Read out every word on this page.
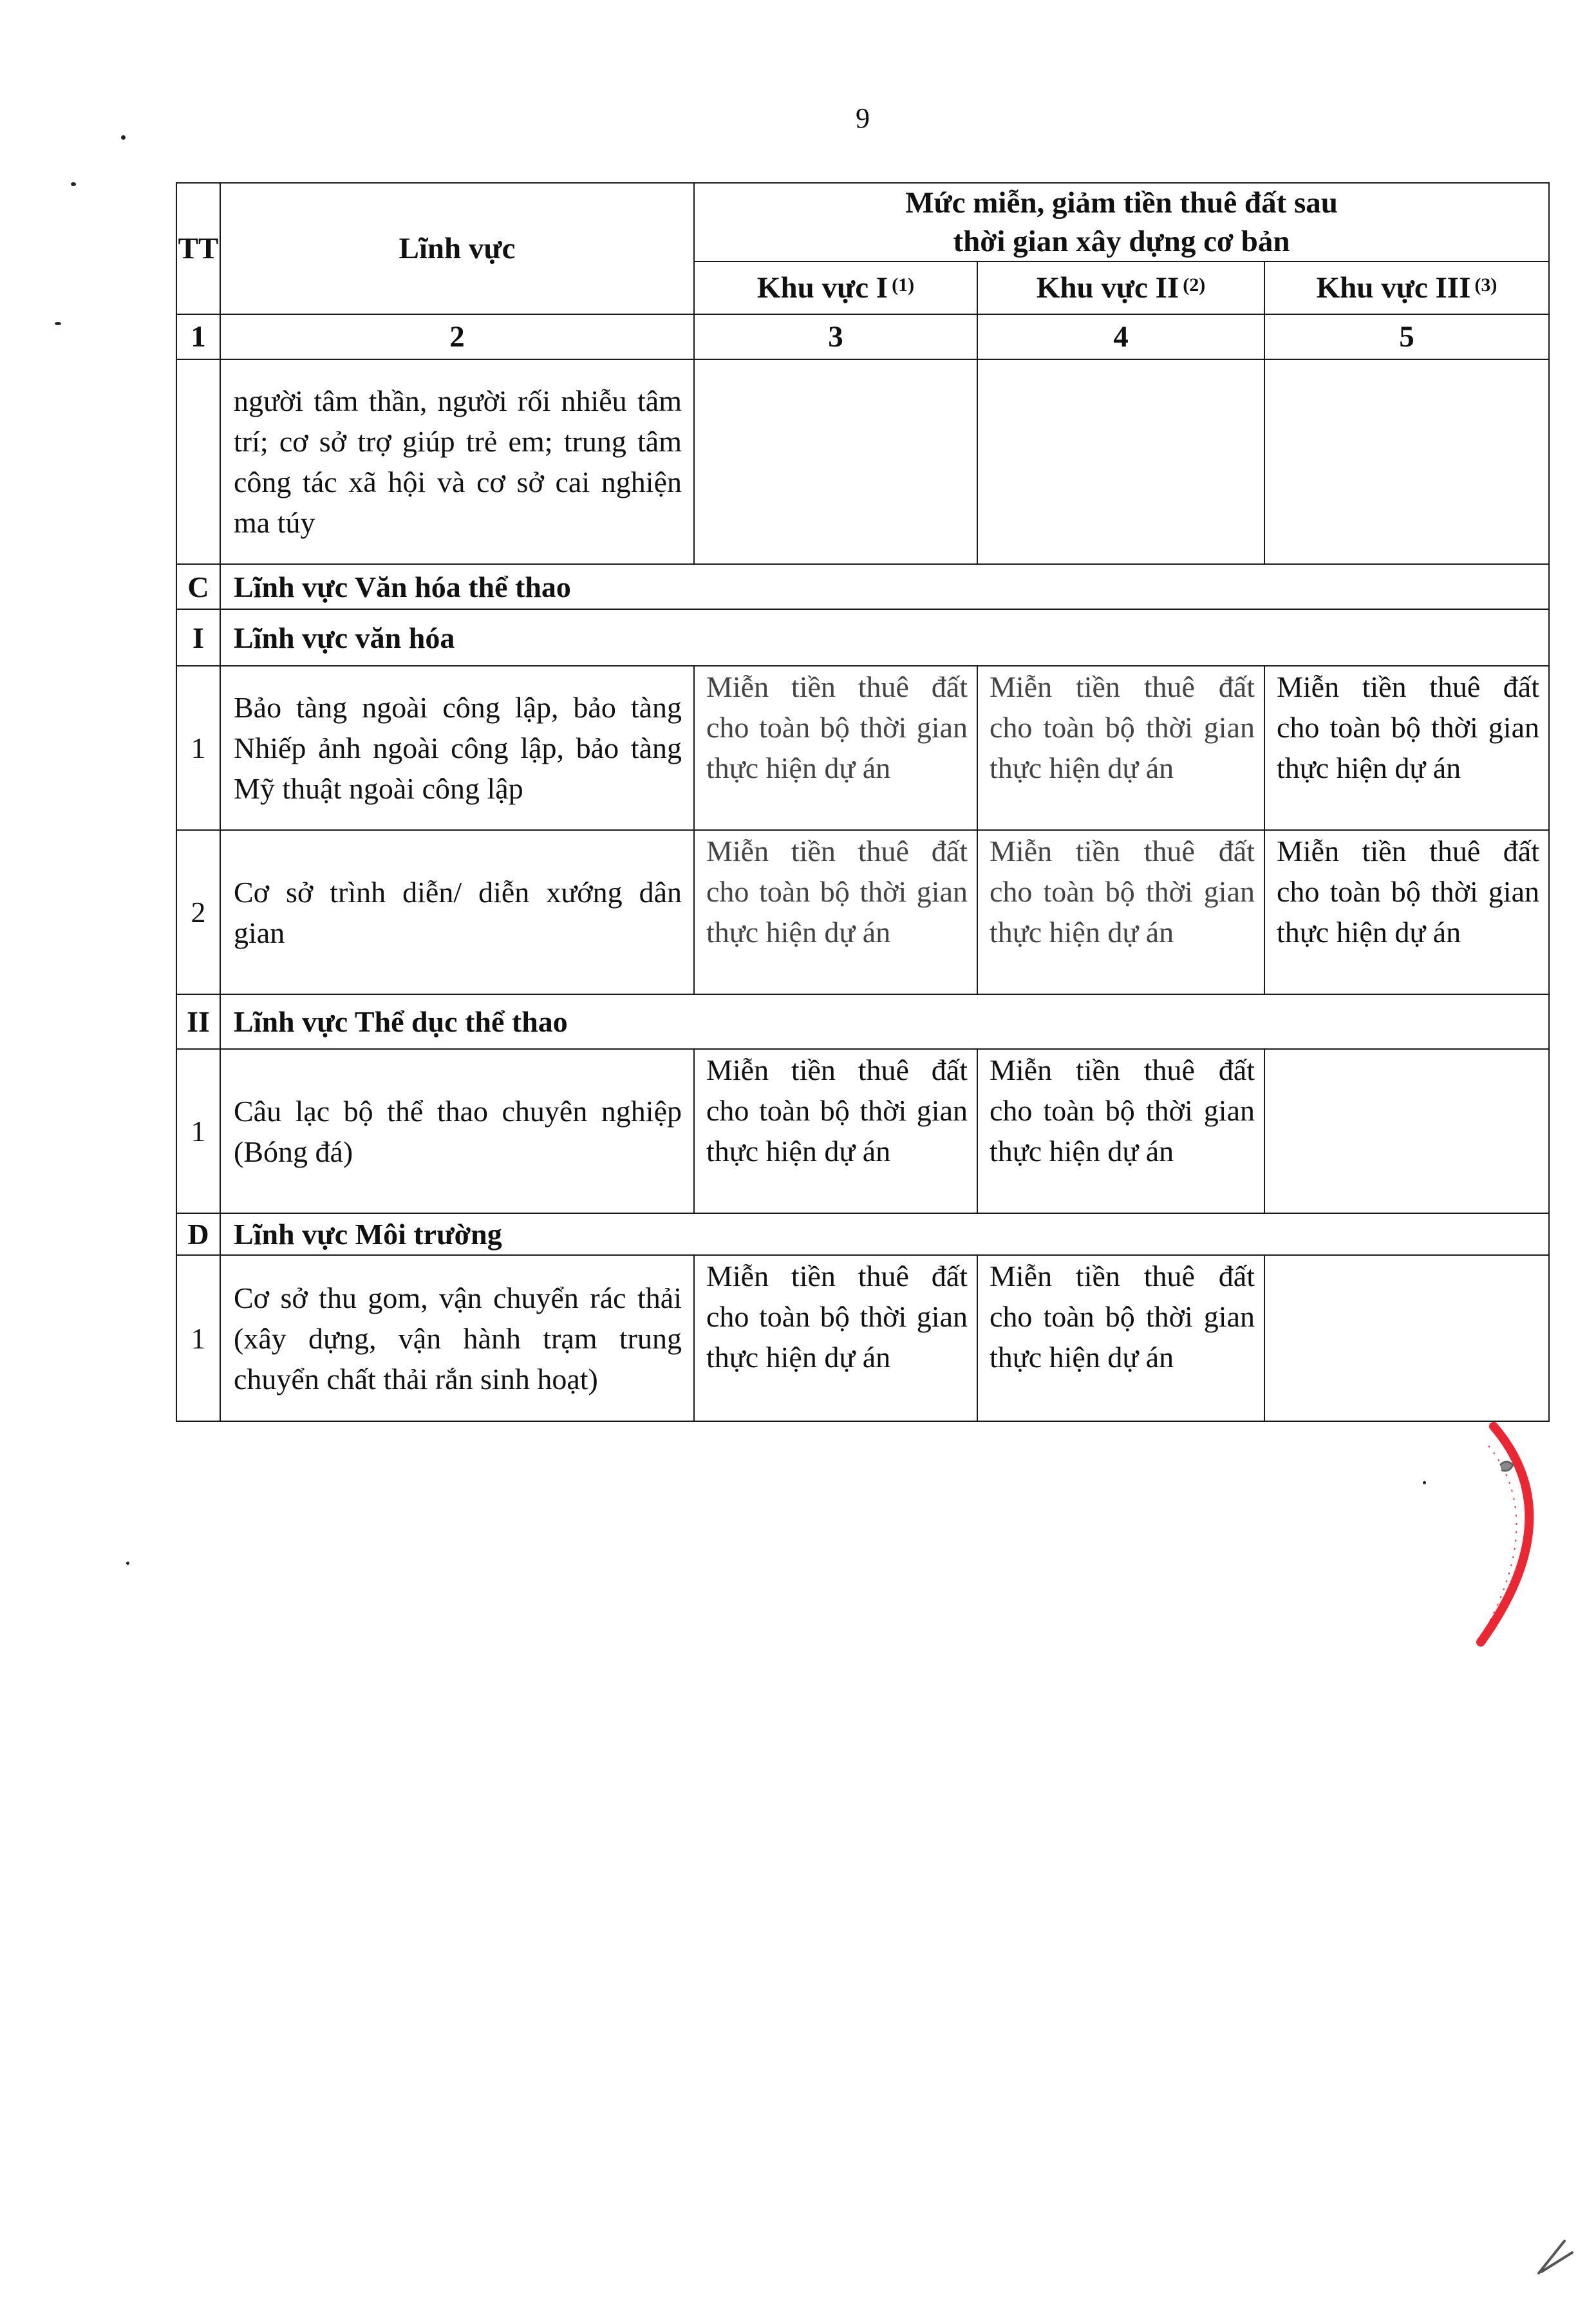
9
TT	Lĩnh vực	Mức miễn, giảm tiền thuê đất sau
thời gian xây dựng cơ bản		

		Khu vực I $^{(1)}$	Khu vực II $^{(2)}$	Khu vực III $^{(3)}$
1	2	3	4	5
	người tâm thần, người rối nhiễu tâm trí; cơ sở trợ giúp trẻ em; trung tâm công tác xã hội và cơ sở cai nghiện ma túy			
C	Lĩnh vực Văn hóa thể thao			
I	Lĩnh vực văn hóa			
1	Bảo tàng ngoài công lập, bảo tàng Nhiếp ảnh ngoài công lập, bảo tàng Mỹ thuật ngoài công lập	Miễn tiền thuê đất cho toàn bộ thời gian thực hiện dự án	Miễn tiền thuê đất cho toàn bộ thời gian thực hiện dự án	Miễn tiền thuê đất cho toàn bộ thời gian thực hiện dự án
2	Cơ sở trình diễn/ diễn xướng dân gian	Miễn tiền thuê đất cho toàn bộ thời gian thực hiện dự án	Miễn tiền thuê đất cho toàn bộ thời gian thực hiện dự án	Miễn tiền thuê đất cho toàn bộ thời gian thực hiện dự án
II	Lĩnh vực Thể dục thể thao			
1	Câu lạc bộ thể thao chuyên nghiệp (Bóng đá)	Miễn tiền thuê đất cho toàn bộ thời gian thực hiện dự án	Miễn tiền thuê đất cho toàn bộ thời gian thực hiện dự án	
D	Lĩnh vực Môi trường			
1	Cơ sở thu gom, vận chuyển rác thải (xây dựng, vận hành trạm trung chuyển chất thải rắn sinh hoạt)	Miễn tiền thuê đất cho toàn bộ thời gian thực hiện dự án	Miễn tiền thuê đất cho toàn bộ thời gian thực hiện dự án	
